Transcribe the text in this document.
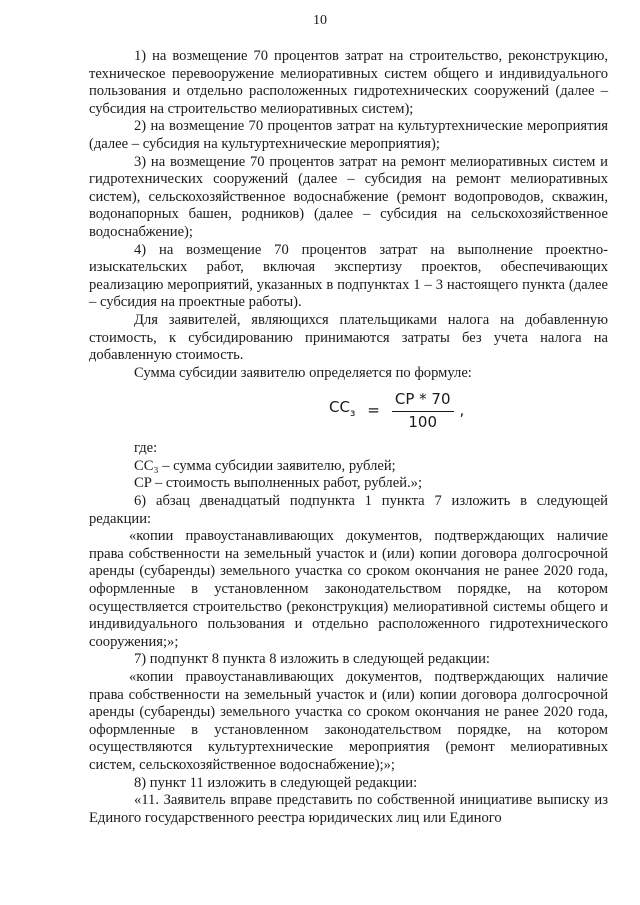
10

1) на возмещение 70 процентов затрат на строительство, реконструкцию, техническое перевооружение мелиоративных систем общего и индивидуального пользования и отдельно расположенных гидротехнических сооружений (далее – субсидия на строительство мелиоративных систем);

2) на возмещение 70 процентов затрат на культуртехнические мероприятия (далее – субсидия на культуртехнические мероприятия);

3) на возмещение 70 процентов затрат на ремонт мелиоративных систем и гидротехнических сооружений (далее – субсидия на ремонт мелиоративных систем), сельскохозяйственное водоснабжение (ремонт водопроводов, скважин, водонапорных башен, родников) (далее – субсидия на сельскохозяйственное водоснабжение);

4) на возмещение 70 процентов затрат на выполнение проектно-изыскательских работ, включая экспертизу проектов, обеспечивающих реализацию мероприятий, указанных в подпунктах 1 – 3 настоящего пункта (далее – субсидия на проектные работы).

Для заявителей, являющихся плательщиками налога на добавленную стоимость, к субсидированию принимаются затраты без учета налога на добавленную стоимость.

Сумма субсидии заявителю определяется по формуле:

$CC_з = \frac{CP * 70}{100}$ ,

где:

CC₃ – сумма субсидии заявителю, рублей;

CP – стоимость выполненных работ, рублей.»;

6) абзац двенадцатый подпункта 1 пункта 7 изложить в следующей редакции:

«копии правоустанавливающих документов, подтверждающих наличие права собственности на земельный участок и (или) копии договора долгосрочной аренды (субаренды) земельного участка со сроком окончания не ранее 2020 года, оформленные в установленном законодательством порядке, на котором осуществляется строительство (реконструкция) мелиоративной системы общего и индивидуального пользования и отдельно расположенного гидротехнического сооружения;»;

7) подпункт 8 пункта 8 изложить в следующей редакции:

«копии правоустанавливающих документов, подтверждающих наличие права собственности на земельный участок и (или) копии договора долгосрочной аренды (субаренды) земельного участка со сроком окончания не ранее 2020 года, оформленные в установленном законодательством порядке, на котором осуществляются культуртехнические мероприятия (ремонт мелиоративных систем, сельскохозяйственное водоснабжение);»;

8) пункт 11 изложить в следующей редакции:

«11. Заявитель вправе представить по собственной инициативе выписку из Единого государственного реестра юридических лиц или Единого
